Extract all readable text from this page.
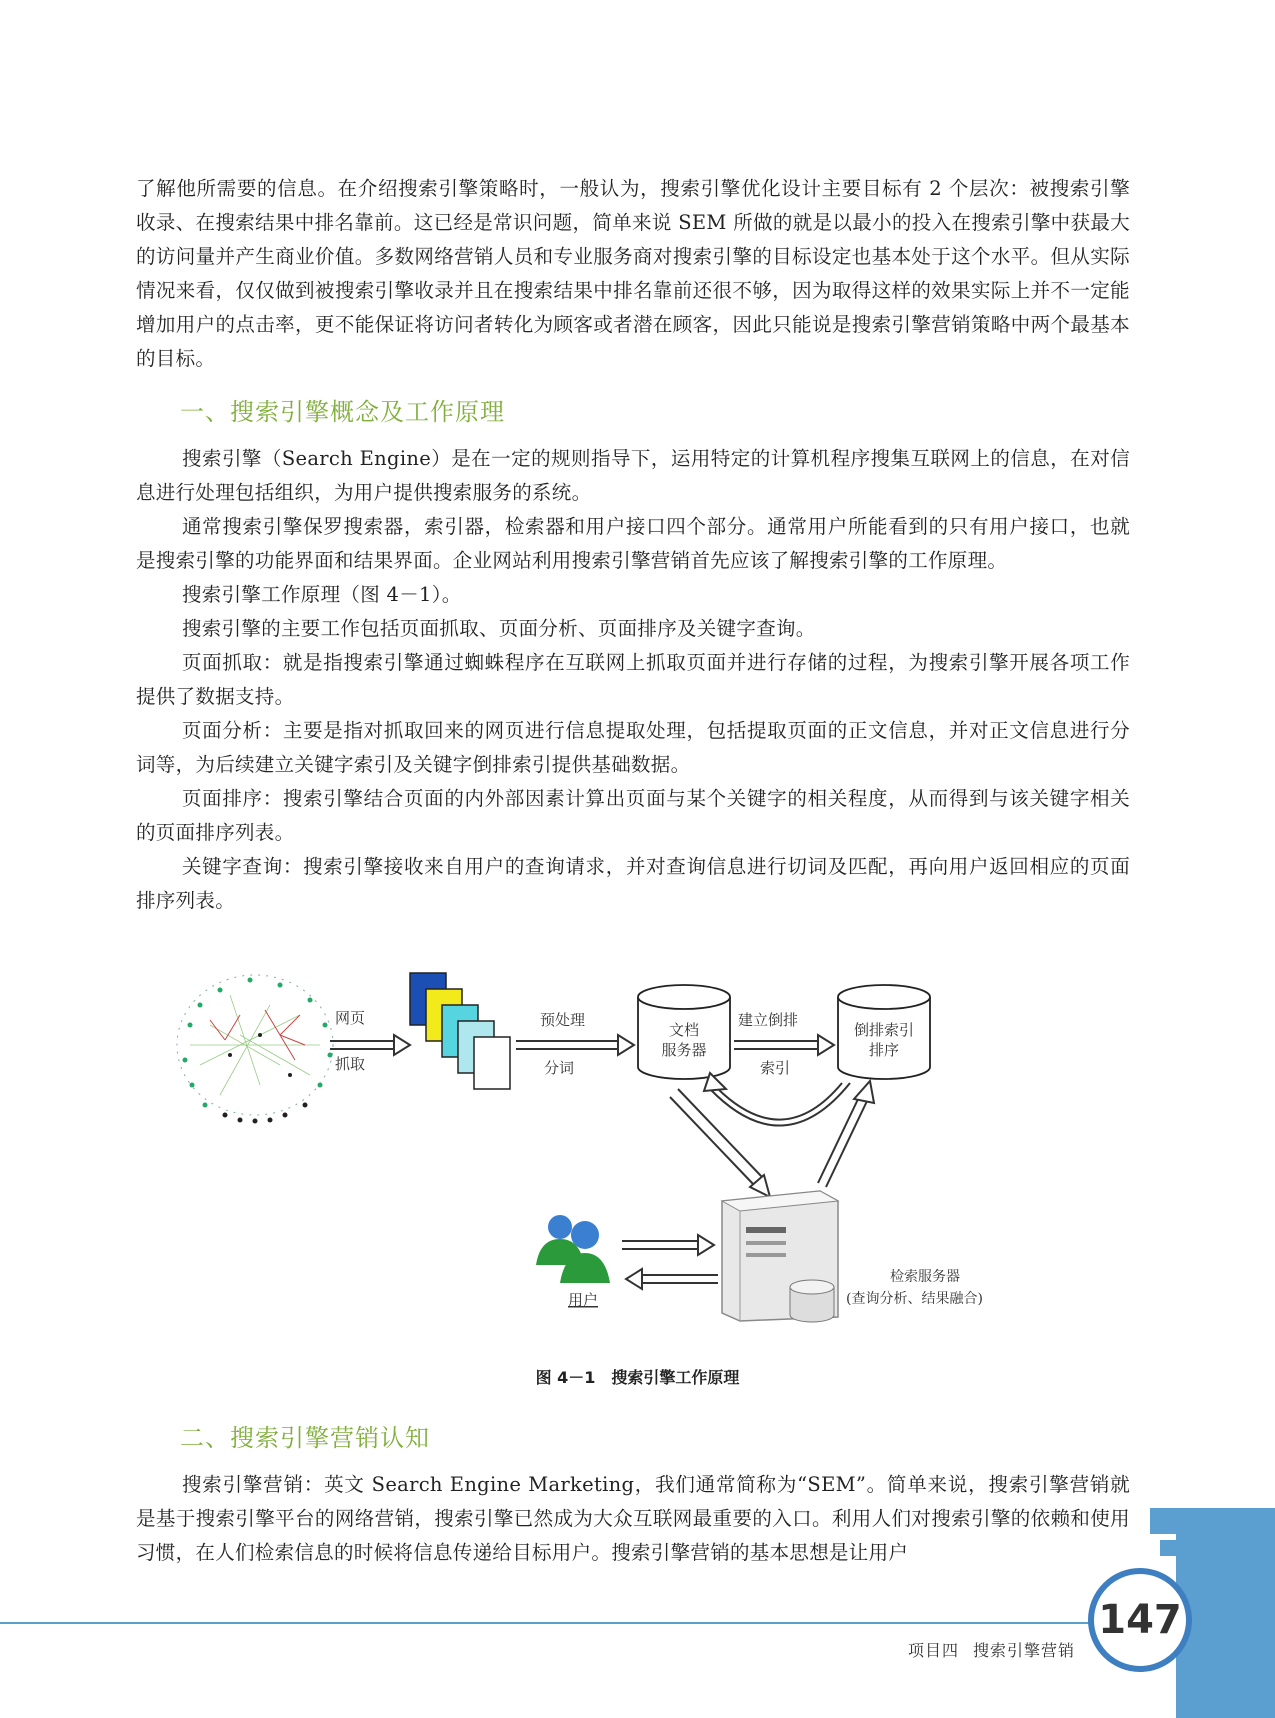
了解他所需要的信息。在介绍搜索引擎策略时，一般认为，搜索引擎优化设计主要目标有 2 个层次：被搜索引擎收录、在搜索结果中排名靠前。这已经是常识问题，简单来说 SEM 所做的就是以最小的投入在搜索引擎中获最大的访问量并产生商业价值。多数网络营销人员和专业服务商对搜索引擎的目标设定也基本处于这个水平。但从实际情况来看，仅仅做到被搜索引擎收录并且在搜索结果中排名靠前还很不够，因为取得这样的效果实际上并不一定能增加用户的点击率，更不能保证将访问者转化为顾客或者潜在顾客，因此只能说是搜索引擎营销策略中两个最基本的目标。

一、搜索引擎概念及工作原理

搜索引擎（Search Engine）是在一定的规则指导下，运用特定的计算机程序搜集互联网上的信息，在对信息进行处理包括组织，为用户提供搜索服务的系统。

通常搜索引擎保罗搜索器，索引器，检索器和用户接口四个部分。通常用户所能看到的只有用户接口，也就是搜索引擎的功能界面和结果界面。企业网站利用搜索引擎营销首先应该了解搜索引擎的工作原理。

搜索引擎工作原理（图 4－1）。

搜索引擎的主要工作包括页面抓取、页面分析、页面排序及关键字查询。

页面抓取：就是指搜索引擎通过蜘蛛程序在互联网上抓取页面并进行存储的过程，为搜索引擎开展各项工作提供了数据支持。

页面分析：主要是指对抓取回来的网页进行信息提取处理，包括提取页面的正文信息，并对正文信息进行分词等，为后续建立关键字索引及关键字倒排索引提供基础数据。

页面排序：搜索引擎结合页面的内外部因素计算出页面与某个关键字的相关程度，从而得到与该关键字相关的页面排序列表。

关键字查询：搜索引擎接收来自用户的查询请求，并对查询信息进行切词及匹配，再向用户返回相应的页面排序列表。

网页
抓取
预处理
分词
文档
服务器
建立倒排
索引
倒排索引
排序
用户
检索服务器
(查询分析、结果融合)
图 4－1 搜索引擎工作原理
二、搜索引擎营销认知

搜索引擎营销：英文 Search Engine Marketing，我们通常简称为“SEM”。简单来说，搜索引擎营销就是基于搜索引擎平台的网络营销，搜索引擎已然成为大众互联网最重要的入口。利用人们对搜索引擎的依赖和使用习惯，在人们检索信息的时候将信息传递给目标用户。搜索引擎营销的基本思想是让用户

项目四 搜索引擎营销
147
